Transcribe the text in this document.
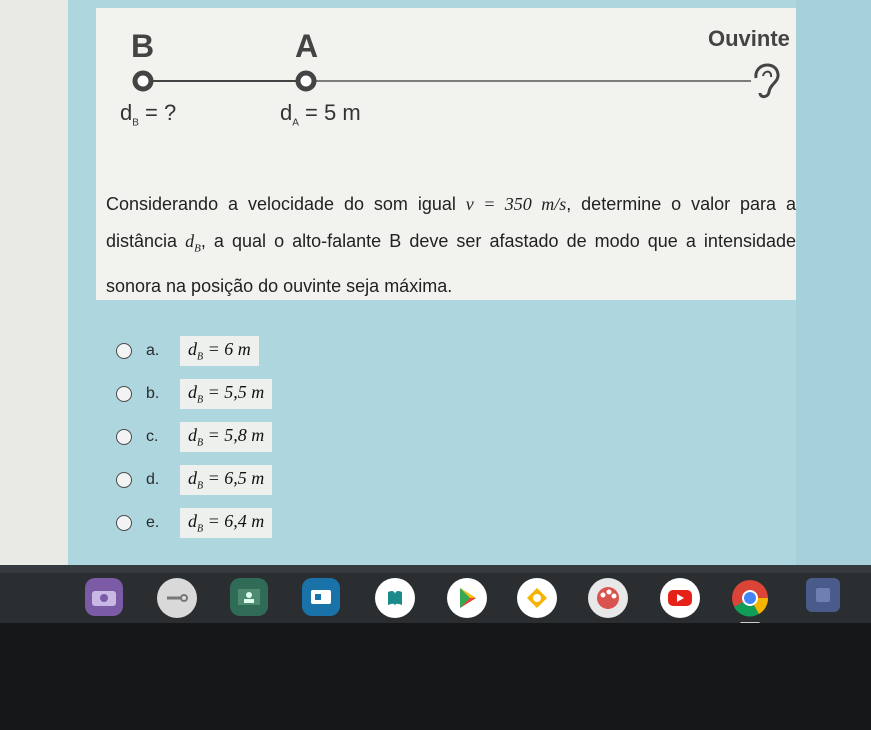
B	A	Ouvinte
$d_B$ = ?	$d_A = 5$ m
Considerando a velocidade do som igual v = 350 m/s, determine o valor para a distância $d_B$, a qual o alto-falante B deve ser afastado de modo que a intensidade sonora na posição do ouvinte seja máxima.
a.	$d_B = 6$ m
b.	$d_B = 5,5$ m
c.	$d_B = 5,8$ m
d.	$d_B = 6,5$ m
e.	$d_B = 6,4$ m
